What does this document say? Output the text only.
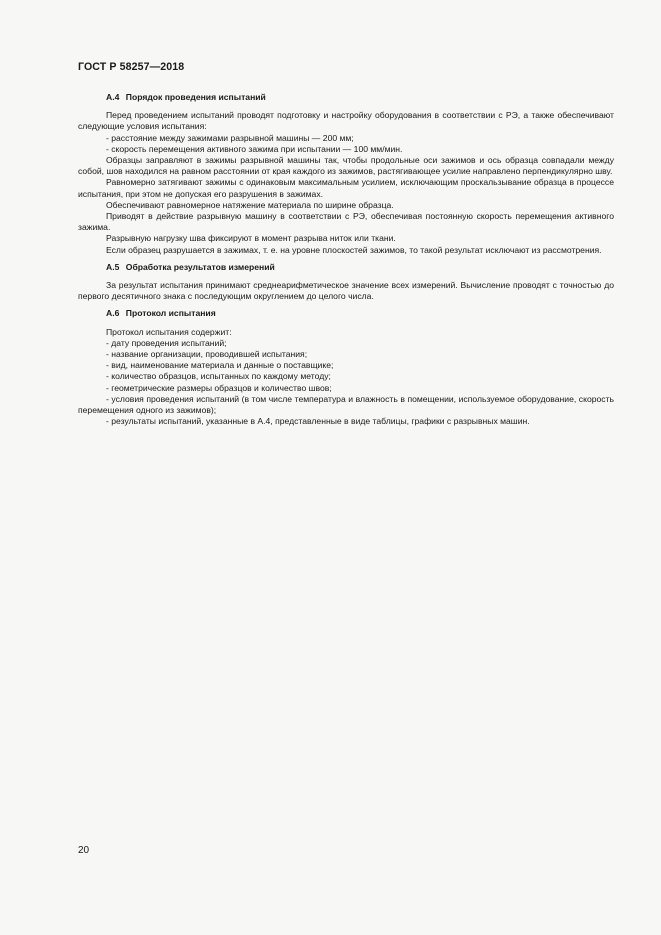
ГОСТ Р 58257—2018
А.4 Порядок проведения испытаний

Перед проведением испытаний проводят подготовку и настройку оборудования в соответствии с РЭ, а также обеспечивают следующие условия испытания:

- расстояние между зажимами разрывной машины — 200 мм;

- скорость перемещения активного зажима при испытании — 100 мм/мин.

Образцы заправляют в зажимы разрывной машины так, чтобы продольные оси зажимов и ось образца совпадали между собой, шов находился на равном расстоянии от края каждого из зажимов, растягивающее усилие направлено перпендикулярно шву.

Равномерно затягивают зажимы с одинаковым максимальным усилием, исключающим проскальзывание образца в процессе испытания, при этом не допуская его разрушения в зажимах.

Обеспечивают равномерное натяжение материала по ширине образца.

Приводят в действие разрывную машину в соответствии с РЭ, обеспечивая постоянную скорость перемещения активного зажима.

Разрывную нагрузку шва фиксируют в момент разрыва ниток или ткани.

Если образец разрушается в зажимах, т. е. на уровне плоскостей зажимов, то такой результат исключают из рассмотрения.

А.5 Обработка результатов измерений

За результат испытания принимают среднеарифметическое значение всех измерений. Вычисление проводят с точностью до первого десятичного знака с последующим округлением до целого числа.

А.6 Протокол испытания

Протокол испытания содержит:

- дату проведения испытаний;

- название организации, проводившей испытания;

- вид, наименование материала и данные о поставщике;

- количество образцов, испытанных по каждому методу;

- геометрические размеры образцов и количество швов;

- условия проведения испытаний (в том числе температура и влажность в помещении, используемое оборудование, скорость перемещения одного из зажимов);

- результаты испытаний, указанные в А.4, представленные в виде таблицы, графики с разрывных машин.

20
